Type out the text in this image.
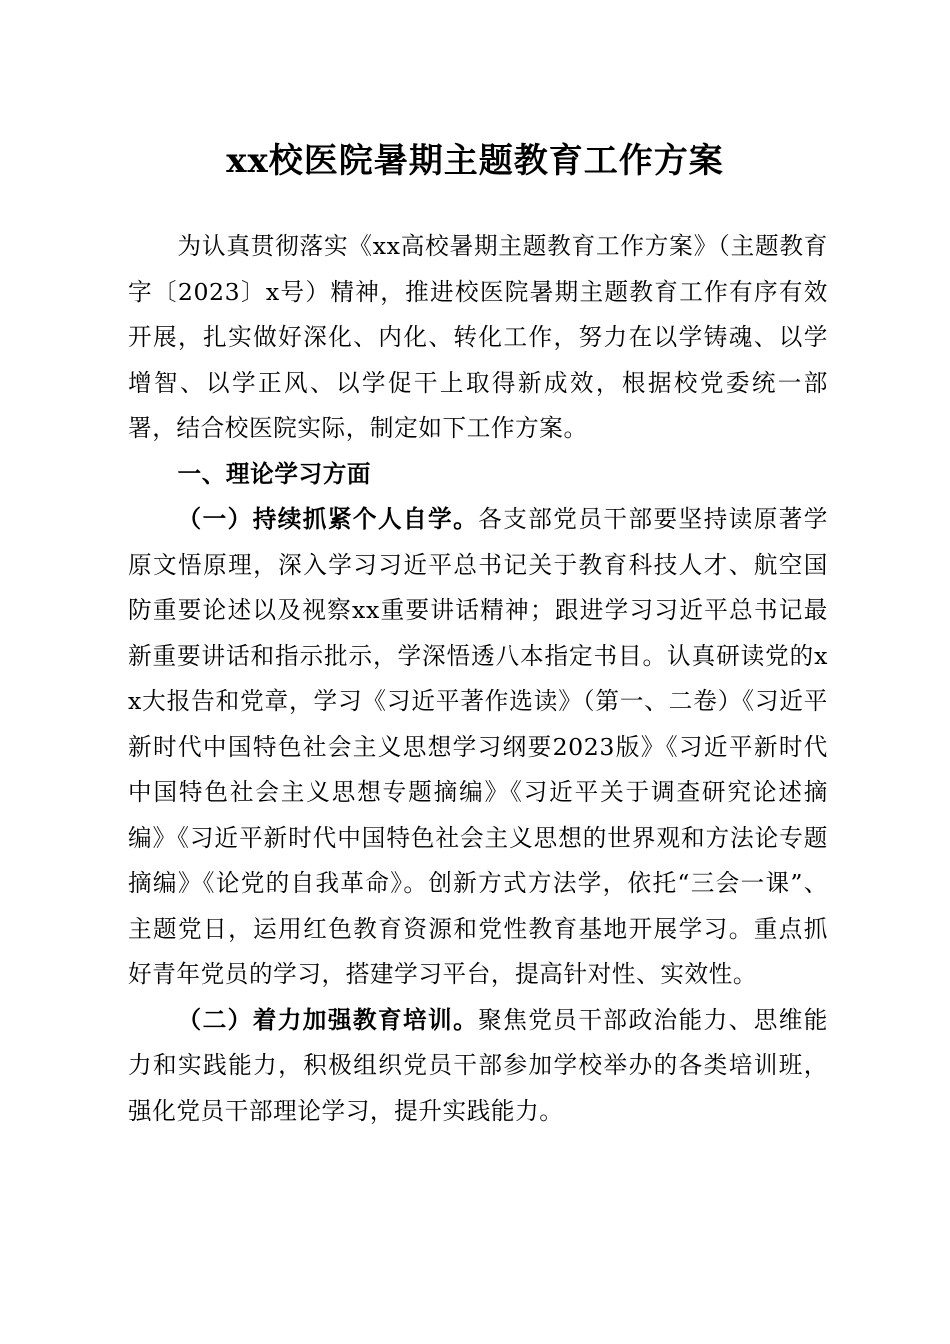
xx校医院暑期主题教育工作方案

为认真贯彻落实《xx高校暑期主题教育工作方案》（主题教育字〔2023〕x号）精神，推进校医院暑期主题教育工作有序有效开展，扎实做好深化、内化、转化工作，努力在以学铸魂、以学增智、以学正风、以学促干上取得新成效，根据校党委统一部署，结合校医院实际，制定如下工作方案。

一、理论学习方面

（一）持续抓紧个人自学。各支部党员干部要坚持读原著学原文悟原理，深入学习习近平总书记关于教育科技人才、航空国防重要论述以及视察xx重要讲话精神；跟进学习习近平总书记最新重要讲话和指示批示，学深悟透八本指定书目。认真研读党的xx大报告和党章，学习《习近平著作选读》（第一、二卷）《习近平新时代中国特色社会主义思想学习纲要2023版》《习近平新时代中国特色社会主义思想专题摘编》《习近平关于调查研究论述摘编》《习近平新时代中国特色社会主义思想的世界观和方法论专题摘编》《论党的自我革命》。创新方式方法学，依托“三会一课”、主题党日，运用红色教育资源和党性教育基地开展学习。重点抓好青年党员的学习，搭建学习平台，提高针对性、实效性。

（二）着力加强教育培训。聚焦党员干部政治能力、思维能力和实践能力，积极组织党员干部参加学校举办的各类培训班，强化党员干部理论学习，提升实践能力。
